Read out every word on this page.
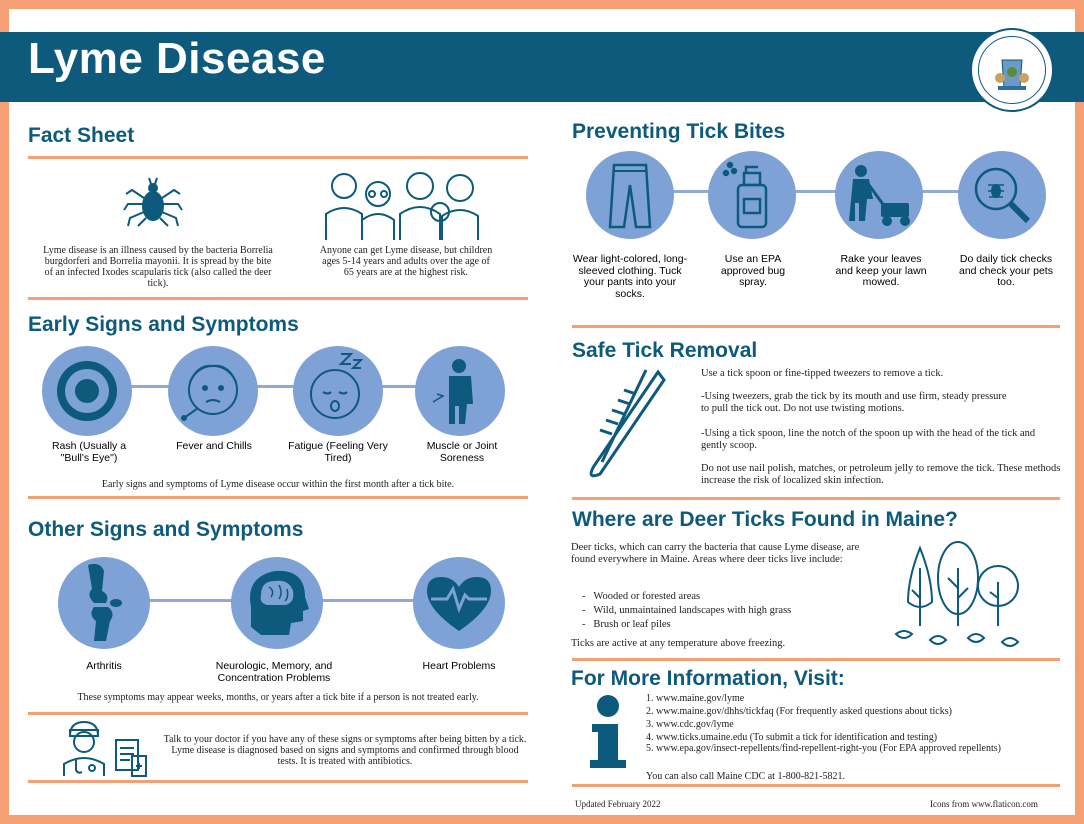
Lyme Disease
Fact Sheet
Lyme disease is an illness caused by the bacteria Borrelia burgdorferi and Borrelia mayonii. It is spread by the bite of an infected Ixodes scapularis tick (also called the deer tick).
Anyone can get Lyme disease, but children ages 5-14 years and adults over the age of 65 years are at the highest risk.
Early Signs and Symptoms
Rash (Usually a "Bull's Eye")
Fever and Chills	Fatigue (Feeling Very Tired)
Muscle or Joint Soreness
Early signs and symptoms of Lyme disease occur within the first month after a tick bite.
Other Signs and Symptoms
Arthritis	Neurologic, Memory, and Concentration Problems
Heart Problems
These symptoms may appear weeks, months, or years after a tick bite if a person is not treated early.
Talk to your doctor if you have any of these signs or symptoms after being bitten by a tick. Lyme disease is diagnosed based on signs and symptoms and confirmed through blood tests. It is treated with antibiotics.
Preventing Tick Bites
Wear light-colored, long-sleeved clothing. Tuck your pants into your socks.
Use an EPA approved bug spray.
Rake your leaves and keep your lawn mowed.
Do daily tick checks and check your pets too.
Safe Tick Removal
Use a tick spoon or fine-tipped tweezers to remove a tick.
-Using tweezers, grab the tick by its mouth and use firm, steady pressure to pull the tick out. Do not use twisting motions.
-Using a tick spoon, line the notch of the spoon up with the head of the tick and gently scoop.
Do not use nail polish, matches, or petroleum jelly to remove the tick. These methods increase the risk of localized skin infection.
Where are Deer Ticks Found in Maine?
Deer ticks, which can carry the bacteria that cause Lyme disease, are found everywhere in Maine. Areas where deer ticks live include:
-   Wooded or forested areas
-   Wild, unmaintained landscapes with high grass
-   Brush or leaf piles
Ticks are active at any temperature above freezing.
For More Information, Visit:
1. www.maine.gov/lyme
2. www.maine.gov/dhhs/tickfaq (For frequently asked questions about ticks)
3. www.cdc.gov/lyme
4. www.ticks.umaine.edu (To submit a tick for identification and testing)
5. www.epa.gov/insect-repellents/find-repellent-right-you (For EPA approved repellents)
You can also call Maine CDC at 1-800-821-5821.
Updated February 2022	Icons from www.flaticon.com
